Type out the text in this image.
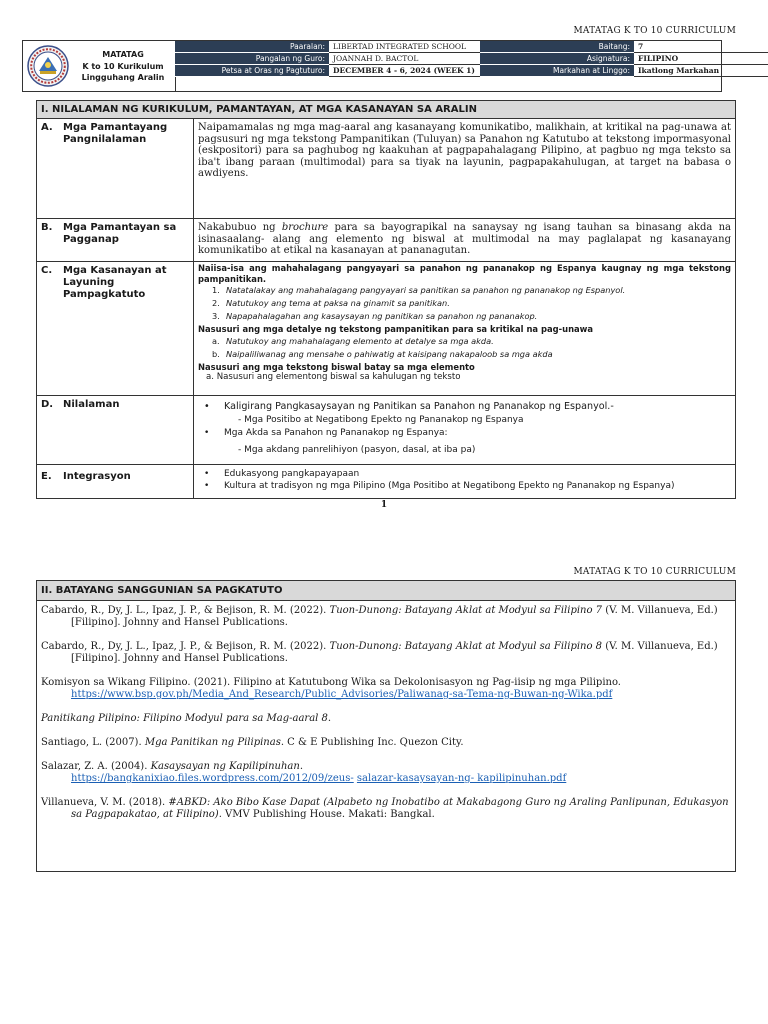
MATATAG K TO 10 CURRICULUM
MATATAG
K to 10 Kurikulum
Lingguhang Aralin
Paaralan:	LIBERTAD INTEGRATED SCHOOL	Baitang:	7
Pangalan ng Guro:	JOANNAH D. BACTOL	Asignatura:	FILIPINO
Petsa at Oras ng Pagtuturo:	DECEMBER 4 - 6, 2024 (WEEK 1)	Markahan at Linggo:	Ikatlong Markahan
I. NILALAMAN NG KURIKULUM, PAMANTAYAN, AT MGA KASANAYAN SA ARALIN
A.	Mga Pamantayang Pangnilalaman
Naipamamalas ng mga mag-aaral ang kasanayang komunikatibo, malikhain, at kritikal na pag-unawa at pagsusuri ng mga tekstong Pampanitikan (Tuluyan) sa Panahon ng Katutubo at tekstong impormasyonal (eskpositori) para sa paghubog ng kaakuhan at pagpapahalagang Pilipino, at pagbuo ng mga teksto sa iba't ibang paraan (multimodal) para sa tiyak na layunin, pagpapakahulugan, at target na babasa o awdiyens.
B.	Mga Pamantayan sa Pagganap
Nakabubuo ng brochure para sa bayograpikal na sanaysay ng isang tauhan sa binasang akda na isinasaalang- alang ang elemento ng biswal at multimodal na may paglalapat ng kasanayang komunikatibo at etikal na kasanayan at pananagutan.
C.	Mga Kasanayan at Layuning Pampagkatuto
Naiisa-isa ang mahahalagang pangyayari sa panahon ng pananakop ng Espanya kaugnay ng mga tekstong pampanitikan.
1. Natatalakay ang mahahalagang pangyayari sa panitikan sa panahon ng pananakop ng Espanyol.
2. Natutukoy ang tema at paksa na ginamit sa panitikan.
3. Napapahalagahan ang kasaysayan ng panitikan sa panahon ng pananakop.
Nasusuri ang mga detalye ng tekstong pampanitikan para sa kritikal na pag-unawa
a. Natutukoy ang mahahalagang elemento at detalye sa mga akda.
b. Naipaliliwanag ang mensahe o pahiwatig at kaisipang nakapaloob sa mga akda
Nasusuri ang mga tekstong biswal batay sa mga elemento
a. Nasusuri ang elementong biswal sa kahulugan ng teksto
D. Nilalaman	•	Kaligirang Pangkasaysayan ng Panitikan sa Panahon ng Pananakop ng Espanyol.-
- Mga Positibo at Negatibong Epekto ng Pananakop ng Espanya
•	Mga Akda sa Panahon ng Pananakop ng Espanya:
- Mga akdang panrelihiyon (pasyon, dasal, at iba pa)
E.	Integrasyon	•	Edukasyong pangkapayapaan
•	Kultura at tradisyon ng mga Pilipino (Mga Positibo at Negatibong Epekto ng Pananakop ng Espanya)
1
MATATAG K TO 10 CURRICULUM
II. BATAYANG SANGGUNIAN SA PAGKATUTO

Cabardo, R., Dy, J. L., Ipaz, J. P., & Bejison, R. M. (2022). Tuon-Dunong: Batayang Aklat at Modyul sa Filipino 7 (V. M. Villanueva, Ed.) [Filipino]. Johnny and Hansel Publications.

Cabardo, R., Dy, J. L., Ipaz, J. P., & Bejison, R. M. (2022). Tuon-Dunong: Batayang Aklat at Modyul sa Filipino 8 (V. M. Villanueva, Ed.) [Filipino]. Johnny and Hansel Publications.

Komisyon sa Wikang Filipino. (2021). Filipino at Katutubong Wika sa Dekolonisasyon ng Pag-iisip ng mga Pilipino.
https://www.bsp.gov.ph/Media_And_Research/Public_Advisories/Paliwanag-sa-Tema-ng-Buwan-ng-Wika.pdf

Panitikang Pilipino: Filipino Modyul para sa Mag-aaral 8.

Santiago, L. (2007). Mga Panitikan ng Pilipinas. C & E Publishing Inc. Quezon City.

Salazar, Z. A. (2004). Kasaysayan ng Kapilipinuhan.
https://bangkanixiao.files.wordpress.com/2012/09/zeus- salazar-kasaysayan-ng- kapilipinuhan.pdf

Villanueva, V. M. (2018). #ABKD: Ako Bibo Kase Dapat (Alpabeto ng Inobatibo at Makabagong Guro ng Araling Panlipunan, Edukasyon sa Pagpapakatao, at Filipino). VMV Publishing House. Makati: Bangkal.
